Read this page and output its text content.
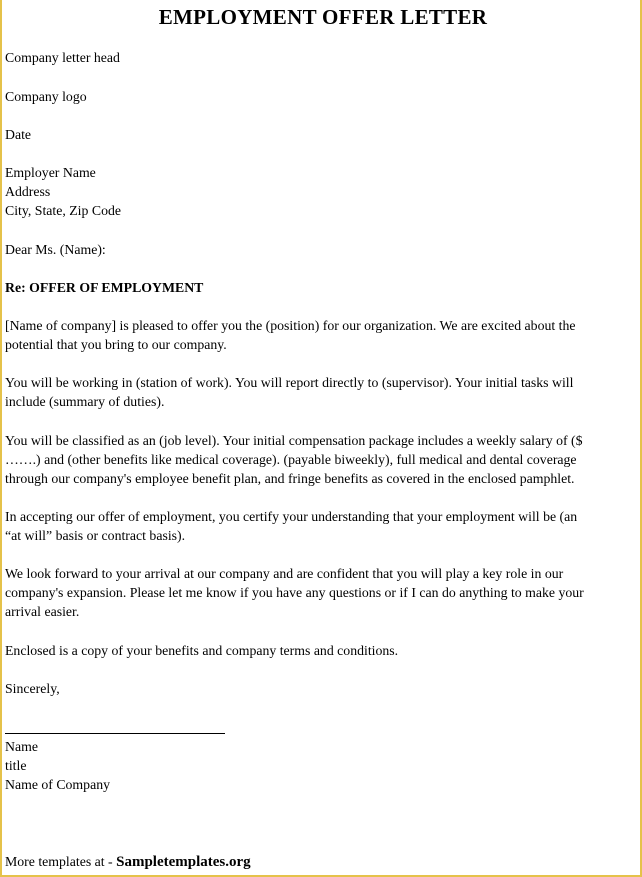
EMPLOYMENT OFFER LETTER
Company letter head
Company logo
Date
Employer Name
Address
City, State, Zip Code
Dear Ms. (Name):
Re: OFFER OF EMPLOYMENT
[Name of company] is pleased to offer you the (position) for our organization. We are excited about the
potential that you bring to our company.
You will be working in (station of work). You will report directly to (supervisor). Your initial tasks will
include (summary of duties).
You will be classified as an (job level). Your initial compensation package includes a weekly salary of ($
…….) and (other benefits like medical coverage). (payable biweekly), full medical and dental coverage
through our company's employee benefit plan, and fringe benefits as covered in the enclosed pamphlet.
In accepting our offer of employment, you certify your understanding that your employment will be (an
“at will” basis or contract basis).
We look forward to your arrival at our company and are confident that you will play a key role in our
company's expansion. Please let me know if you have any questions or if I can do anything to make your
arrival easier.
Enclosed is a copy of your benefits and company terms and conditions.
Sincerely,
Name
title
Name of Company
More templates at - Sampletemplates.org
